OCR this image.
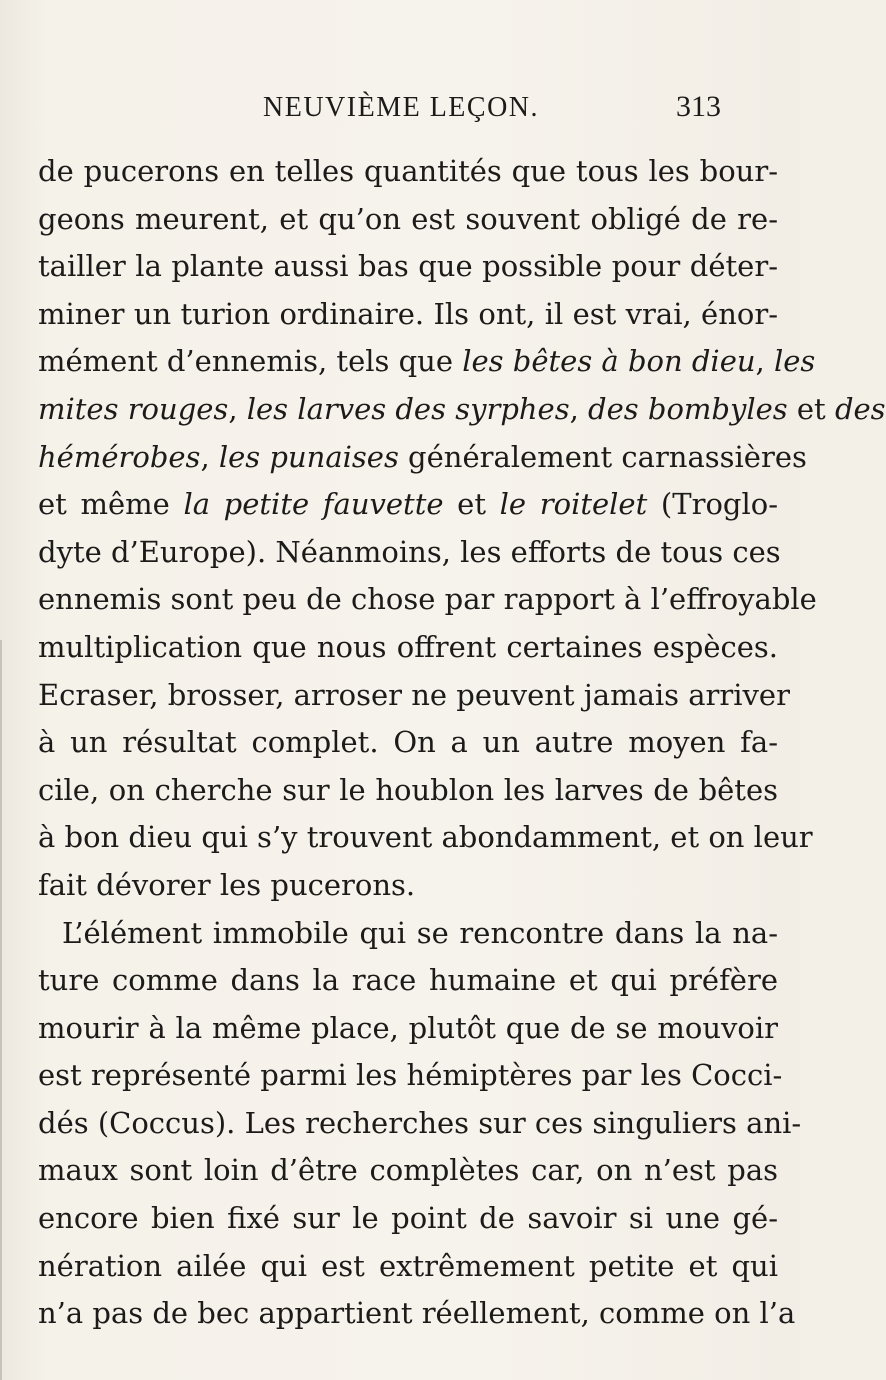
NEUVIÈME LEÇON.	313
de pucerons en telles quantités que tous les bour-
geons meurent, et qu’on est souvent obligé de re-
tailler la plante aussi bas que possible pour déter-
miner un turion ordinaire. Ils ont, il est vrai, énor-
mément d’ennemis, tels que les bêtes à bon dieu, les
mites rouges, les larves des syrphes, des bombyles et des
hémérobes, les punaises généralement carnassières
et même la petite fauvette et le roitelet (Troglo-
dyte d’Europe). Néanmoins, les efforts de tous ces
ennemis sont peu de chose par rapport à l’effroyable
multiplication que nous offrent certaines espèces.
Ecraser, brosser, arroser ne peuvent jamais arriver
à un résultat complet. On a un autre moyen fa-
cile, on cherche sur le houblon les larves de bêtes
à bon dieu qui s’y trouvent abondamment, et on leur
fait dévorer les pucerons.
L’élément immobile qui se rencontre dans la na-
ture comme dans la race humaine et qui préfère
mourir à la même place, plutôt que de se mouvoir
est représenté parmi les hémiptères par les Cocci-
dés (Coccus). Les recherches sur ces singuliers ani-
maux sont loin d’être complètes car, on n’est pas
encore bien fixé sur le point de savoir si une gé-
nération ailée qui est extrêmement petite et qui
n’a pas de bec appartient réellement, comme on l’a
